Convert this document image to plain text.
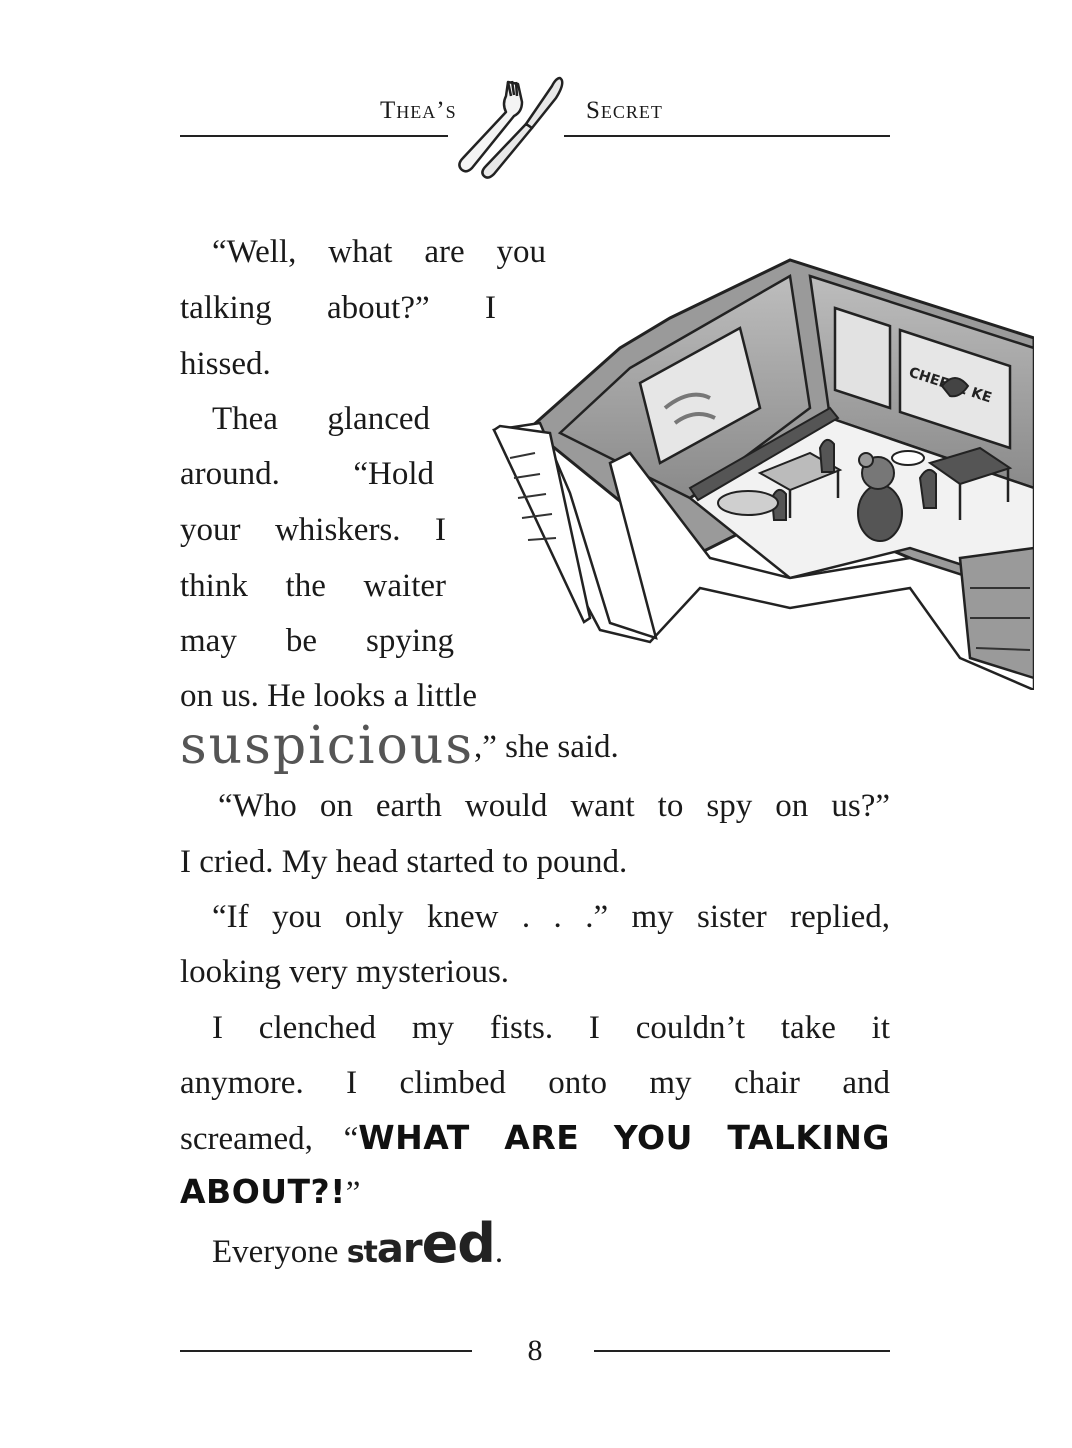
Thea’s	Secret
“Well, what are you
talking about?” I
hissed.
Thea glanced
around. “Hold
your whiskers. I
think the waiter
may be spying
on us. He looks a little
suspicious,” she said.
“Who on earth would want to spy on us?”
I cried. My head started to pound.
“If you only knew . . .” my sister replied,
looking very mysterious.
I clenched my fists. I couldn’t take it
anymore. I climbed onto my chair and
screamed, “WHAT ARE YOU TALKING
ABOUT?!”
Everyone stared.
CHEESE KE
8
